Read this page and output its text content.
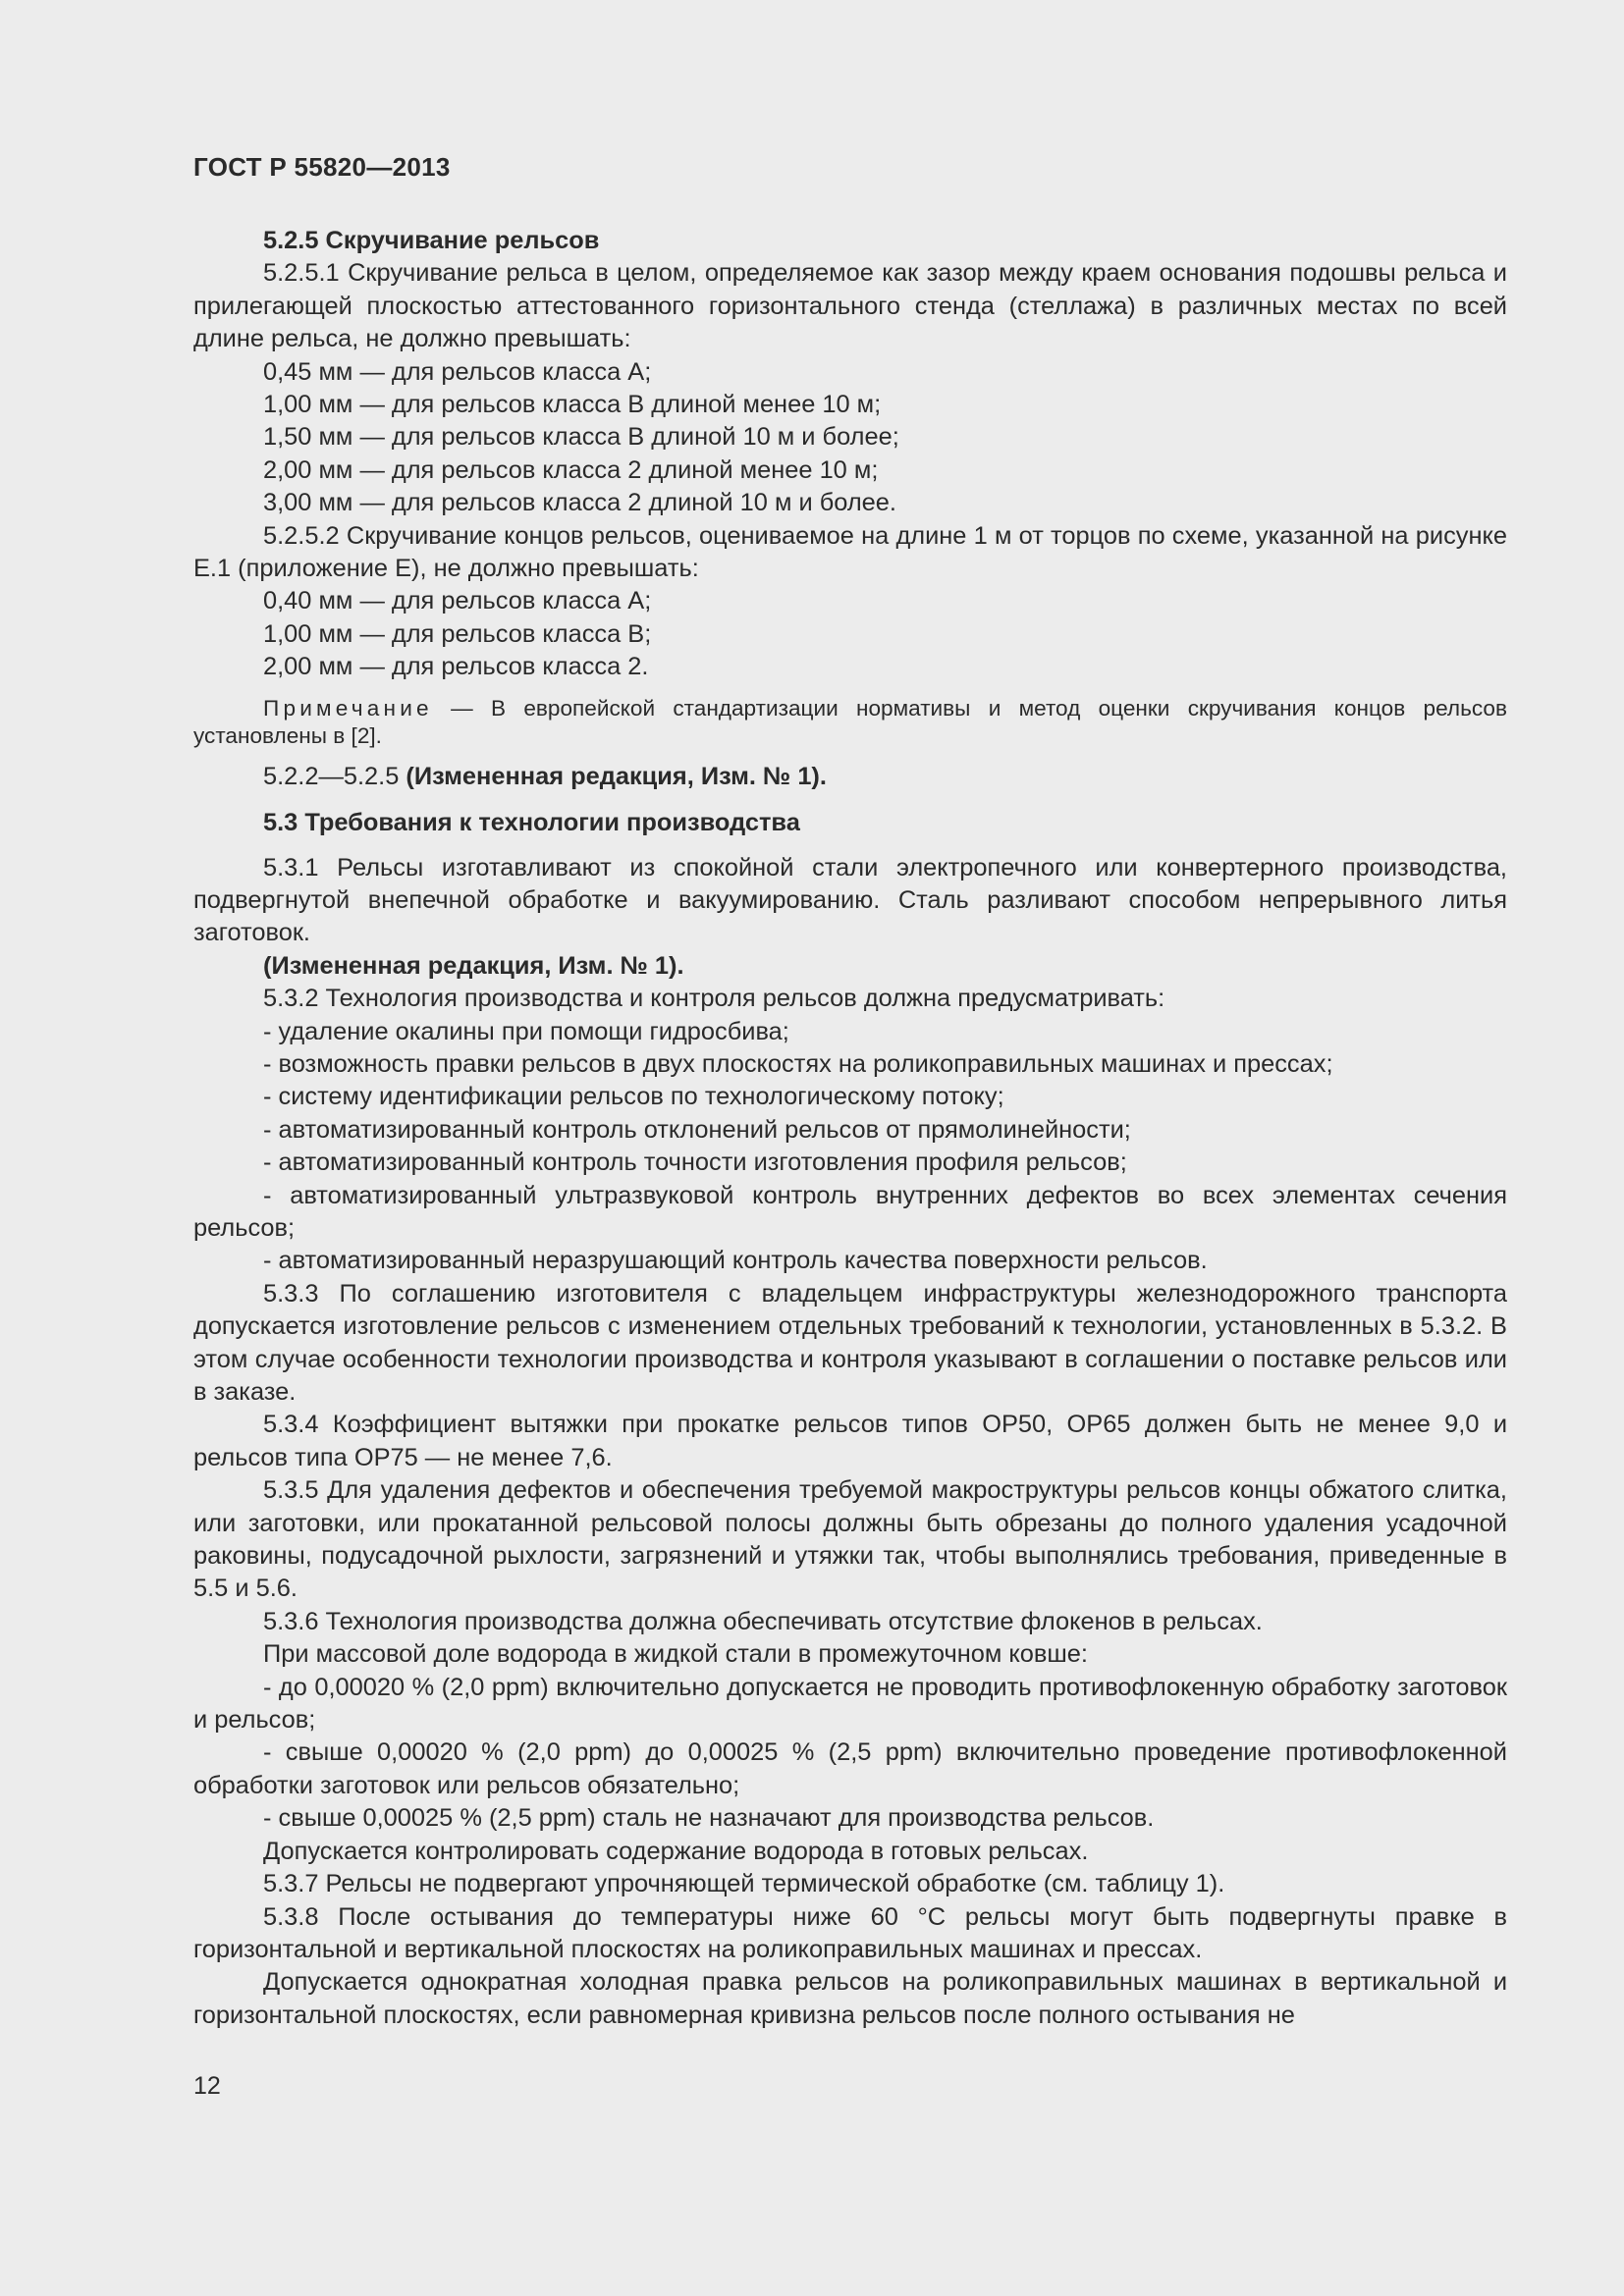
ГОСТ Р 55820—2013

5.2.5 Скручивание рельсов

5.2.5.1 Скручивание рельса в целом, определяемое как зазор между краем основания подошвы рельса и прилегающей плоскостью аттестованного горизонтального стенда (стеллажа) в различных местах по всей длине рельса, не должно превышать:

0,45 мм — для рельсов класса А;

1,00 мм — для рельсов класса В длиной менее 10 м;

1,50 мм — для рельсов класса В длиной 10 м и более;

2,00 мм — для рельсов класса 2 длиной менее 10 м;

3,00 мм — для рельсов класса 2 длиной 10 м и более.

5.2.5.2 Скручивание концов рельсов, оцениваемое на длине 1 м от торцов по схеме, указанной на рисунке Е.1 (приложение Е), не должно превышать:

0,40 мм — для рельсов класса А;

1,00 мм — для рельсов класса В;

2,00 мм — для рельсов класса 2.

Примечание — В европейской стандартизации нормативы и метод оценки скручивания концов рельсов установлены в [2].

5.2.2—5.2.5 (Измененная редакция, Изм. № 1).

5.3 Требования к технологии производства

5.3.1 Рельсы изготавливают из спокойной стали электропечного или конвертерного производства, подвергнутой внепечной обработке и вакуумированию. Сталь разливают способом непрерывного литья заготовок.

(Измененная редакция, Изм. № 1).

5.3.2 Технология производства и контроля рельсов должна предусматривать:

- удаление окалины при помощи гидросбива;

- возможность правки рельсов в двух плоскостях на роликоправильных машинах и прессах;

- систему идентификации рельсов по технологическому потоку;

- автоматизированный контроль отклонений рельсов от прямолинейности;

- автоматизированный контроль точности изготовления профиля рельсов;

- автоматизированный ультразвуковой контроль внутренних дефектов во всех элементах сечения рельсов;

- автоматизированный неразрушающий контроль качества поверхности рельсов.

5.3.3 По соглашению изготовителя с владельцем инфраструктуры железнодорожного транспорта допускается изготовление рельсов с изменением отдельных требований к технологии, установленных в 5.3.2. В этом случае особенности технологии производства и контроля указывают в соглашении о поставке рельсов или в заказе.

5.3.4 Коэффициент вытяжки при прокатке рельсов типов ОР50, ОР65 должен быть не менее 9,0 и рельсов типа ОР75 — не менее 7,6.

5.3.5 Для удаления дефектов и обеспечения требуемой макроструктуры рельсов концы обжатого слитка, или заготовки, или прокатанной рельсовой полосы должны быть обрезаны до полного удаления усадочной раковины, подусадочной рыхлости, загрязнений и утяжки так, чтобы выполнялись требования, приведенные в 5.5 и 5.6.

5.3.6 Технология производства должна обеспечивать отсутствие флокенов в рельсах.

При массовой доле водорода в жидкой стали в промежуточном ковше:

- до 0,00020 % (2,0 ppm) включительно допускается не проводить противофлокенную обработку заготовок и рельсов;

- свыше 0,00020 % (2,0 ppm) до 0,00025 % (2,5 ppm) включительно проведение противофлокенной обработки заготовок или рельсов обязательно;

- свыше 0,00025 % (2,5 ppm) сталь не назначают для производства рельсов.

Допускается контролировать содержание водорода в готовых рельсах.

5.3.7 Рельсы не подвергают упрочняющей термической обработке (см. таблицу 1).

5.3.8 После остывания до температуры ниже 60 °С рельсы могут быть подвергнуты правке в горизонтальной и вертикальной плоскостях на роликоправильных машинах и прессах.

Допускается однократная холодная правка рельсов на роликоправильных машинах в вертикальной и горизонтальной плоскостях, если равномерная кривизна рельсов после полного остывания не

12
